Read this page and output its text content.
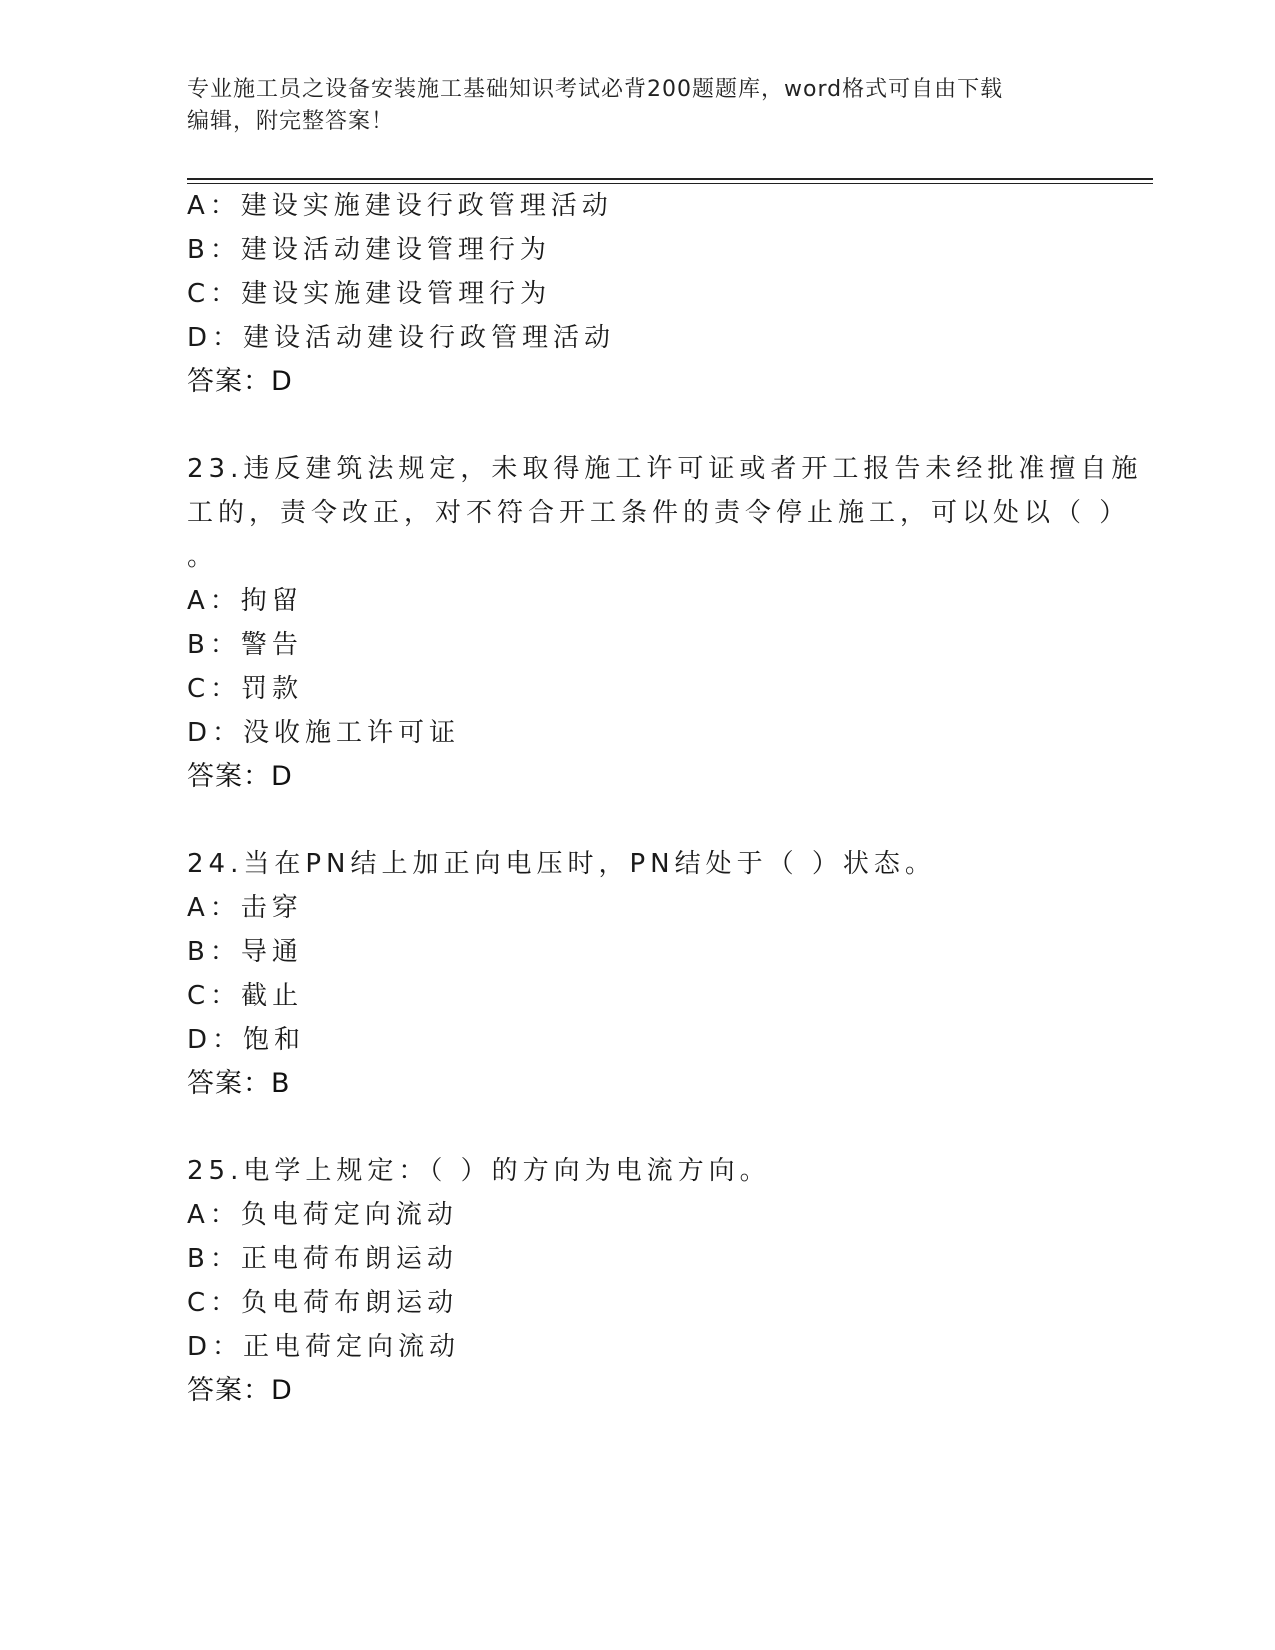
专业施工员之设备安装施工基础知识考试必背200题题库，word格式可自由下载
编辑，附完整答案！
A：建设实施建设行政管理活动
B：建设活动建设管理行为
C：建设实施建设管理行为
D：建设活动建设行政管理活动
答案：D
23.违反建筑法规定，未取得施工许可证或者开工报告未经批准擅自施
工的，责令改正，对不符合开工条件的责令停止施工，可以处以（ ）
。
A：拘留
B：警告
C：罚款
D：没收施工许可证
答案：D
24.当在PN结上加正向电压时，PN结处于（ ）状态。
A：击穿
B：导通
C：截止
D：饱和
答案：B
25.电学上规定：（ ）的方向为电流方向。
A：负电荷定向流动
B：正电荷布朗运动
C：负电荷布朗运动
D：正电荷定向流动
答案：D
